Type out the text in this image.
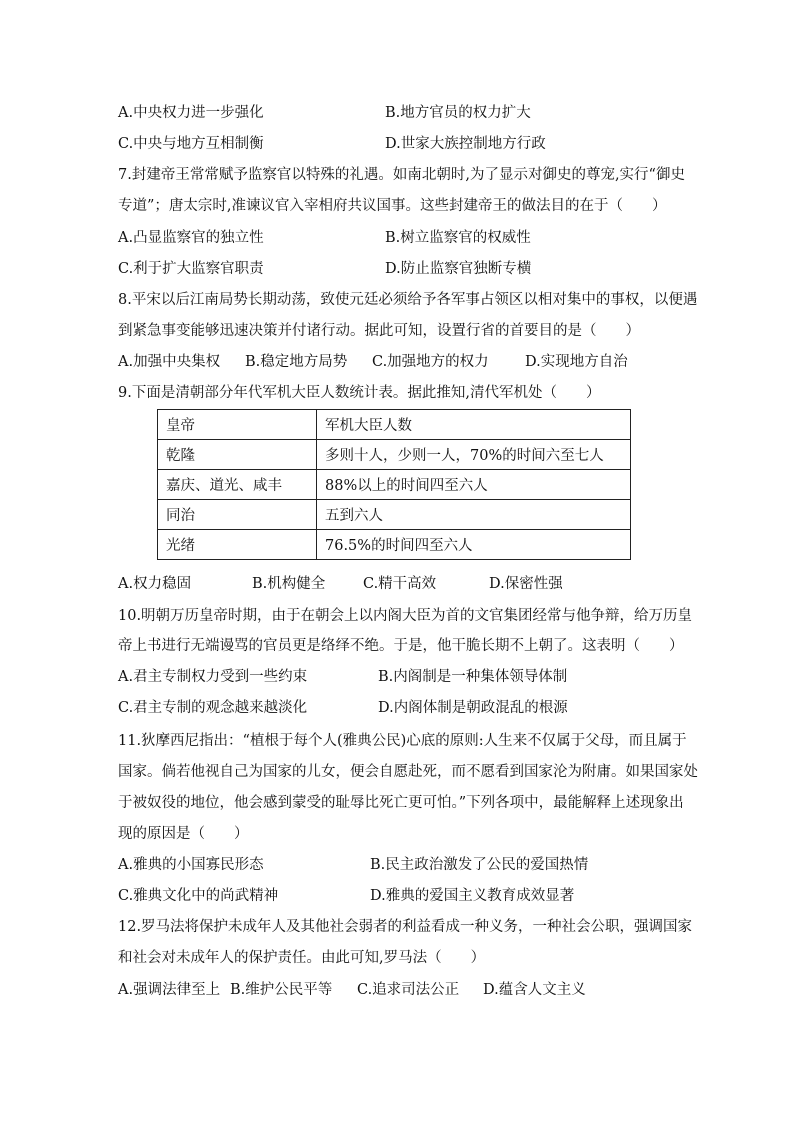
A.中央权力进一步强化	B.地方官员的权力扩大
C.中央与地方互相制衡	D.世家大族控制地方行政
7.封建帝王常常赋予监察官以特殊的礼遇。如南北朝时,为了显示对御史的尊宠,实行“御史
专道”；唐太宗时,准谏议官入宰相府共议国事。这些封建帝王的做法目的在于（　　）
A.凸显监察官的独立性	B.树立监察官的权威性
C.利于扩大监察官职责	D.防止监察官独断专横
8.平宋以后江南局势长期动荡，致使元廷必须给予各军事占领区以相对集中的事权，以便遇
到紧急事变能够迅速决策并付诸行动。据此可知，设置行省的首要目的是（　　）
A.加强中央集权 B.稳定地方局势 C.加强地方的权力	D.实现地方自治
9.下面是清朝部分年代军机大臣人数统计表。据此推知,清代军机处（　　）
皇帝	军机大臣人数
乾隆	多则十人，少则一人，70%的时间六至七人
嘉庆、道光、咸丰	88%以上的时间四至六人
同治	五到六人
光绪	76.5%的时间四至六人
A.权力稳固	B.机构健全	C.精干高效	D.保密性强
10.明朝万历皇帝时期，由于在朝会上以内阁大臣为首的文官集团经常与他争辩，给万历皇
帝上书进行无端谩骂的官员更是络绎不绝。于是，他干脆长期不上朝了。这表明（　　）
A.君主专制权力受到一些约束	B.内阁制是一种集体领导体制
C.君主专制的观念越来越淡化	D.内阁体制是朝政混乱的根源
11.狄摩西尼指出：“植根于每个人(雅典公民)心底的原则:人生来不仅属于父母，而且属于
国家。倘若他视自己为国家的儿女，便会自愿赴死，而不愿看到国家沦为附庸。如果国家处
于被奴役的地位，他会感到蒙受的耻辱比死亡更可怕。”下列各项中，最能解释上述现象出
现的原因是（　　）
A.雅典的小国寡民形态	B.民主政治激发了公民的爱国热情
C.雅典文化中的尚武精神	D.雅典的爱国主义教育成效显著
12.罗马法将保护未成年人及其他社会弱者的利益看成一种义务，一种社会公职，强调国家
和社会对未成年人的保护责任。由此可知,罗马法（　　）
A.强调法律至上 B.维护公民平等 C.追求司法公正 D.蕴含人文主义
